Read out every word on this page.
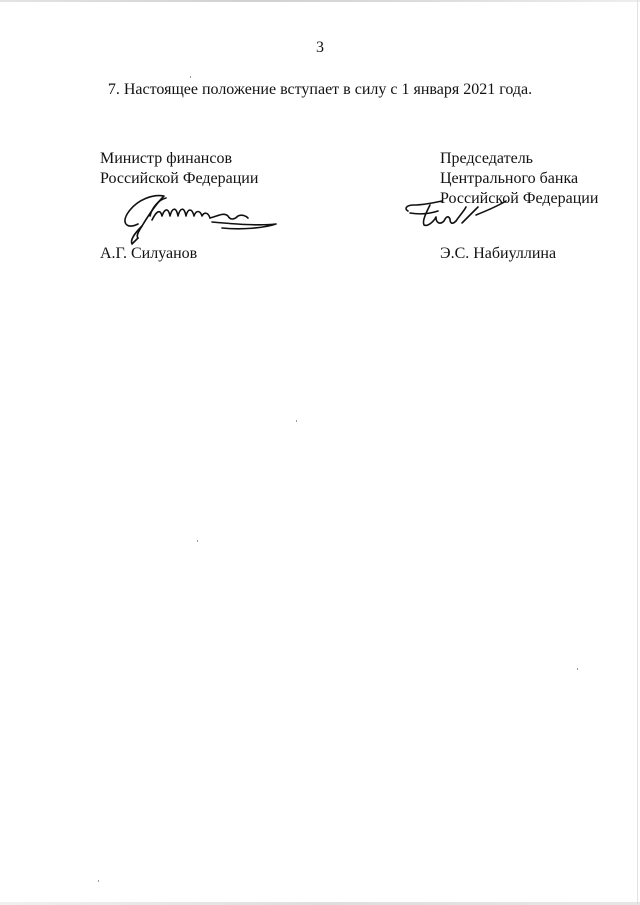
3
7. Настоящее положение вступает в силу с 1 января 2021 года.
Министр финансов
Российской Федерации
А.Г. Силуанов
Председатель
Центрального банка
Российской Федерации
Э.С. Набиуллина
